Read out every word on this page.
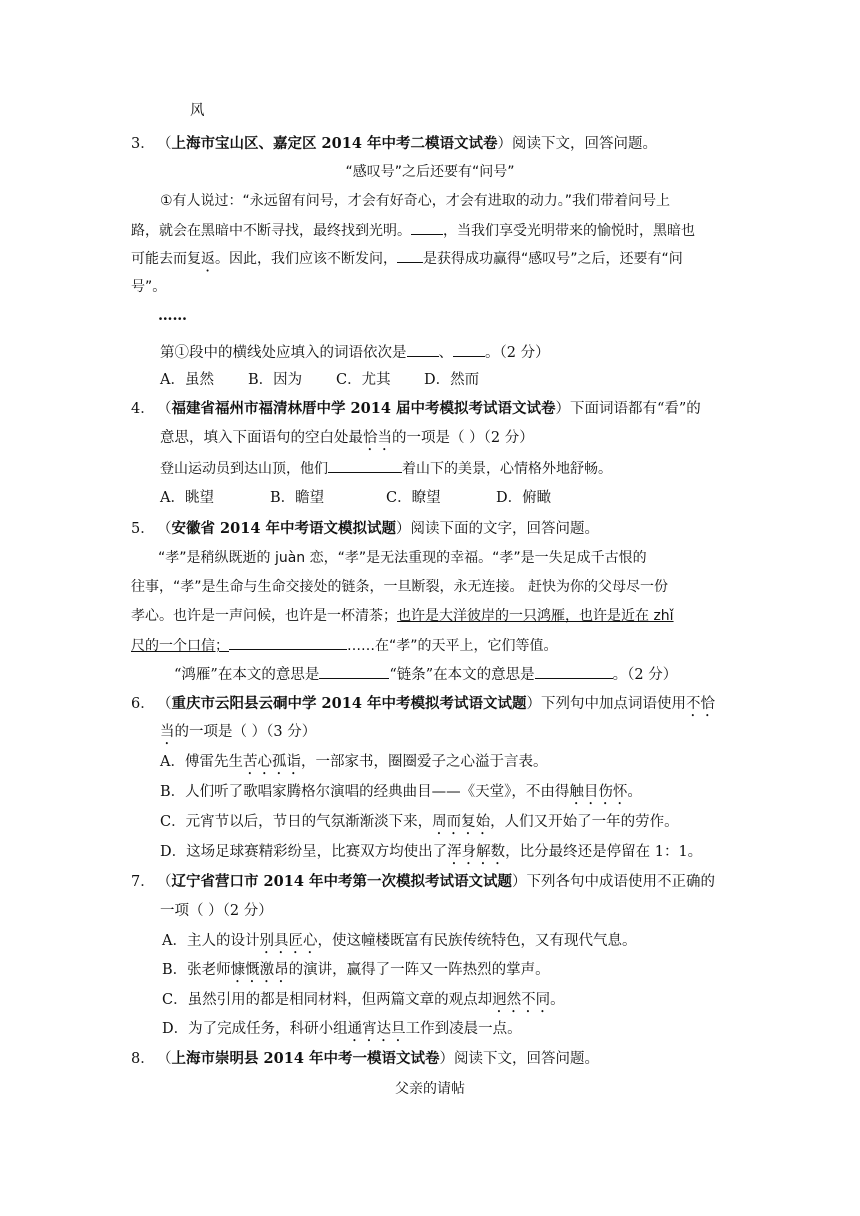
风
3． （上海市宝山区、嘉定区 2014 年中考二模语文试卷）阅读下文，回答问题。
“感叹号”之后还要有“问号”
①有人说过：“永远留有问号，才会有好奇心，才会有进取的动力。”我们带着问号上
路，就会在黑暗中不断寻找，最终找到光明。 ，当我们享受光明带来的愉悦时，黑暗也
可能去而复返。因此，我们应该不断发问， 是获得成功赢得“感叹号”之后，还要有“问
号”。
……
第①段中的横线处应填入的词语依次是 、 。（2 分）
A．虽然 B．因为 C．尤其 D．然而
4． （福建省福州市福清林厝中学 2014 届中考模拟考试语文试卷）下面词语都有“看”的
意思，填入下面语句的空白处最恰当的一项是（ ）（2 分）
登山运动员到达山顶，他们	着山下的美景，心情格外地舒畅。
A．眺望	B．瞻望	C．瞭望	D．俯瞰
5． （安徽省 2014 年中考语文模拟试题）阅读下面的文字，回答问题。
“孝”是稍纵既逝的 juàn 恋，“孝”是无法重现的幸福。“孝”是一失足成千古恨的
往事，“孝”是生命与生命交接处的链条，一旦断裂，永无连接。 赶快为你的父母尽一份
孝心。也许是一声问候，也许是一杯清茶；也许是大洋彼岸的一只鸿雁，也许是近在 zhǐ
尺的一个口信；	……在“孝”的天平上，它们等值。
“鸿雁”在本文的意思是	“链条”在本文的意思是	。（2 分）
6． （重庆市云阳县云硐中学 2014 年中考模拟考试语文试题）下列句中加点词语使用不恰
当的一项是（ ）（3 分）
A．傅雷先生苦心孤诣，一部家书，圈圈爱子之心溢于言表。
B．人们听了歌唱家腾格尔演唱的经典曲目——《天堂》，不由得触目伤怀。
C．元宵节以后，节日的气氛渐渐淡下来，周而复始，人们又开始了一年的劳作。
D．这场足球赛精彩纷呈，比赛双方均使出了浑身解数，比分最终还是停留在 1：1。
7． （辽宁省营口市 2014 年中考第一次模拟考试语文试题）下列各句中成语使用不正确的
一项（ ）（2 分）
A．主人的设计别具匠心，使这幢楼既富有民族传统特色，又有现代气息。
B．张老师慷慨激昂的演讲，赢得了一阵又一阵热烈的掌声。
C．虽然引用的都是相同材料，但两篇文章的观点却迥然不同。
D．为了完成任务，科研小组通宵达旦工作到凌晨一点。
8． （上海市崇明县 2014 年中考一模语文试卷）阅读下文，回答问题。
父亲的请帖
